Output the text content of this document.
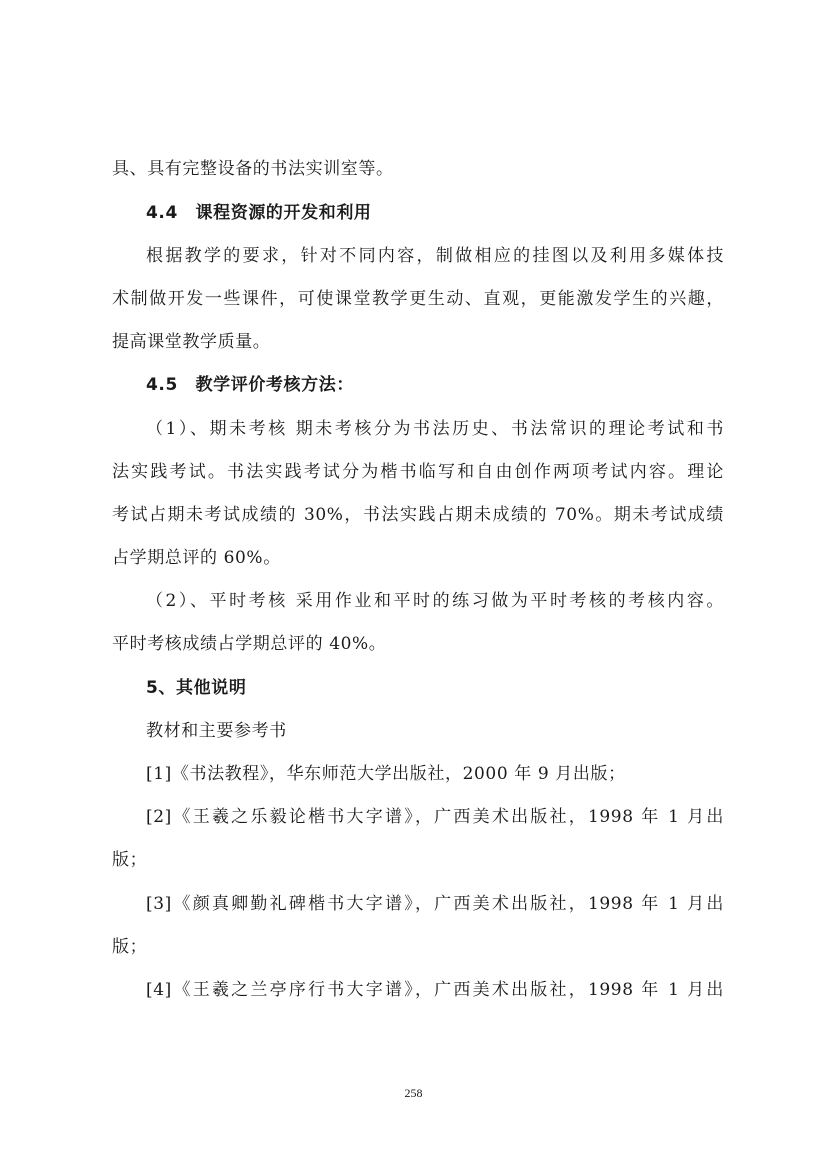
具、具有完整设备的书法实训室等。
4.4　课程资源的开发和利用
根据教学的要求，针对不同内容，制做相应的挂图以及利用多媒体技
术制做开发一些课件，可使课堂教学更生动、直观，更能激发学生的兴趣，
提高课堂教学质量。
4.5　教学评价考核方法：
（1）、期未考核 期未考核分为书法历史、书法常识的理论考试和书
法实践考试。书法实践考试分为楷书临写和自由创作两项考试内容。理论
考试占期未考试成绩的 30%，书法实践占期未成绩的 70%。期未考试成绩
占学期总评的 60%。
（2）、平时考核 采用作业和平时的练习做为平时考核的考核内容。
平时考核成绩占学期总评的 40%。
5、其他说明
教材和主要参考书
[1]《书法教程》，华东师范大学出版社，2000 年 9 月出版；
[2]《王羲之乐毅论楷书大字谱》，广西美术出版社，1998 年 1 月出
版；
[3]《颜真卿勤礼碑楷书大字谱》，广西美术出版社，1998 年 1 月出
版；
[4]《王羲之兰亭序行书大字谱》，广西美术出版社，1998 年 1 月出
258
